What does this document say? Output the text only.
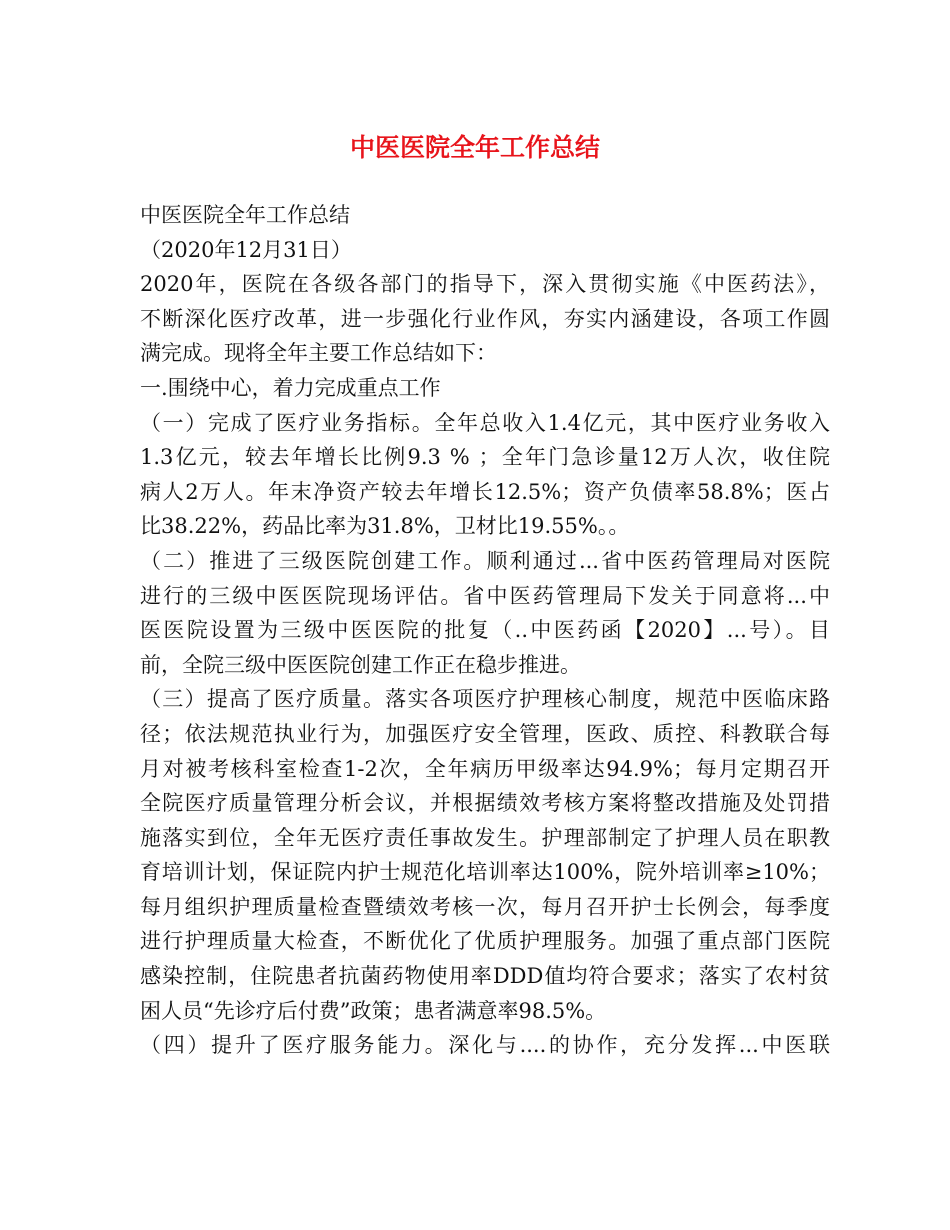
中医医院全年工作总结
中医医院全年工作总结
（2020年12月31日）
2020年，医院在各级各部门的指导下，深入贯彻实施《中医药法》，
不断深化医疗改革，进一步强化行业作风，夯实内涵建设，各项工作圆
满完成。现将全年主要工作总结如下：
一.围绕中心，着力完成重点工作
（一）完成了医疗业务指标。全年总收入1.4亿元，其中医疗业务收入
1.3亿元，较去年增长比例9.3 % ；全年门急诊量12万人次，收住院
病人2万人。年末净资产较去年增长12.5%；资产负债率58.8%；医占
比38.22%，药品比率为31.8%，卫材比19.55%。。
（二）推进了三级医院创建工作。顺利通过...省中医药管理局对医院
进行的三级中医医院现场评估。省中医药管理局下发关于同意将...中
医医院设置为三级中医医院的批复（..中医药函【2020】...号）。目
前，全院三级中医医院创建工作正在稳步推进。
（三）提高了医疗质量。落实各项医疗护理核心制度，规范中医临床路
径；依法规范执业行为，加强医疗安全管理，医政、质控、科教联合每
月对被考核科室检查1-2次，全年病历甲级率达94.9%；每月定期召开
全院医疗质量管理分析会议，并根据绩效考核方案将整改措施及处罚措
施落实到位，全年无医疗责任事故发生。护理部制定了护理人员在职教
育培训计划，保证院内护士规范化培训率达100%，院外培训率≥10%；
每月组织护理质量检查暨绩效考核一次，每月召开护士长例会，每季度
进行护理质量大检查，不断优化了优质护理服务。加强了重点部门医院
感染控制，住院患者抗菌药物使用率DDD值均符合要求；落实了农村贫
困人员“先诊疗后付费”政策；患者满意率98.5%。
（四）提升了医疗服务能力。深化与....的协作，充分发挥...中医联
